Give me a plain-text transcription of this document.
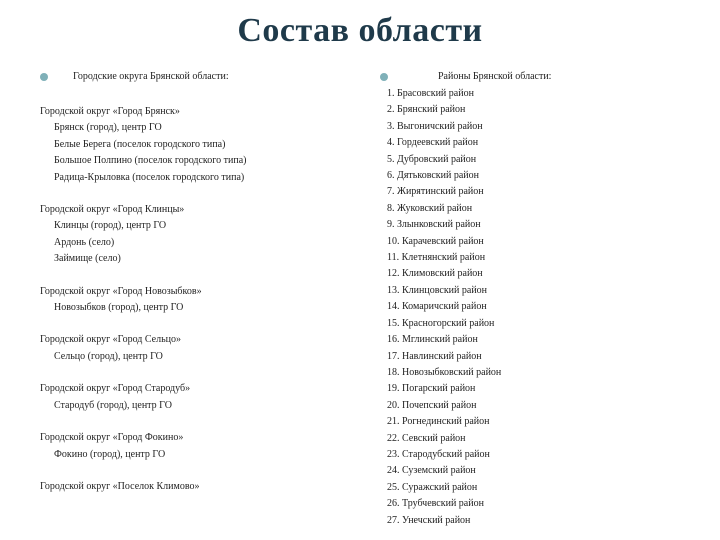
Состав области
Городские округа Брянской области:
Городской округ «Город Брянск»
Брянск (город), центр ГО
Белые Берега (поселок городского типа)
Большое Полпино (поселок городского типа)
Радица-Крыловка (поселок городского типа)
Городской округ «Город Клинцы»
Клинцы (город), центр ГО
Ардонь (село)
Займище (село)
Городской округ «Город Новозыбков»
Новозыбков (город), центр ГО
Городской округ «Город Сельцо»
Сельцо (город), центр ГО
Городской округ «Город Стародуб»
Стародуб (город), центр ГО
Городской округ «Город Фокино»
Фокино (город), центр ГО
Городской округ «Поселок Климово»
Районы Брянской области:
1. Брасовский район
2. Брянский район
3. Выгоничский район
4. Гордеевский район
5. Дубровский район
6. Дятьковский район
7. Жирятинский район
8. Жуковский район
9. Злынковский район
10. Карачевский район
11. Клетнянский район
12. Климовский район
13. Клинцовский район
14. Комаричский район
15. Красногорский район
16. Мглинский район
17. Навлинский район
18. Новозыбковский район
19. Погарский район
20. Почепский район
21. Рогнединский район
22. Севский район
23. Стародубский район
24. Суземский район
25. Суражский район
26. Трубчевский район
27. Унечский район
